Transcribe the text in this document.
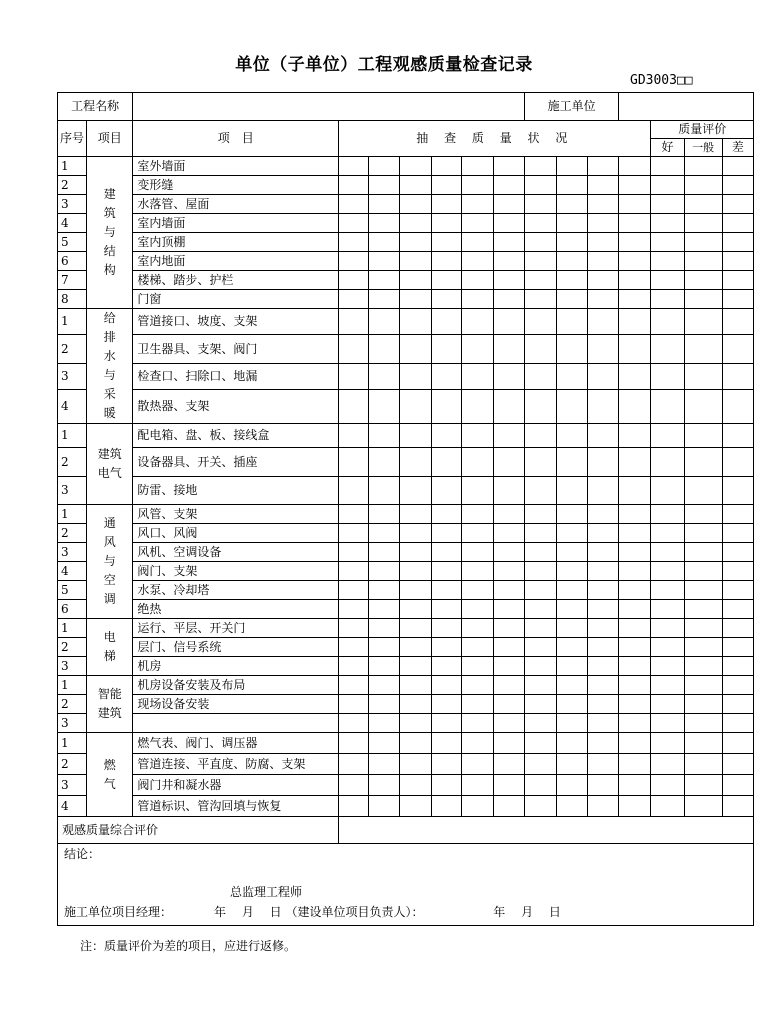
单位（子单位）工程观感质量检查记录
GD3003□□
工程名称									施工单位						
序号	项目	项　目	抽 查 质 量 状 况										质量评价		
													好	一般	差
1	建筑与结构	室外墙面													
2		变形缝													
3		水落管、屋面													
4		室内墙面													
5		室内顶棚													
6		室内地面													
7		楼梯、踏步、护栏													
8		门窗													
1	给排水与采暖	管道接口、坡度、支架													
2		卫生器具、支架、阀门													
3		检查口、扫除口、地漏													
4		散热器、支架													
1	建筑电气	配电箱、盘、板、接线盒													
2		设备器具、开关、插座													
3		防雷、接地													
1	通风与空调	风管、支架													
2		风口、风阀													
3		风机、空调设备													
4		阀门、支架													
5		水泵、冷却塔													
6		绝热													
1	电梯	运行、平层、开关门													
2		层门、信号系统													
3		机房													
1	智能建筑	机房设备安装及布局													
2		现场设备安装													
3															
1	燃气	燃气表、阀门、调压器													
2		管道连接、平直度、防腐、支架													
3		阀门井和凝水器													
4		管道标识、管沟回填与恢复													
观感质量综合评价															

结论：
总监理工程师
施工单位项目经理：　　　　年　 月　 日 （建设单位项目负责人）：　　　　　　 年　 月　 日															
注：质量评价为差的项目，应进行返修。
